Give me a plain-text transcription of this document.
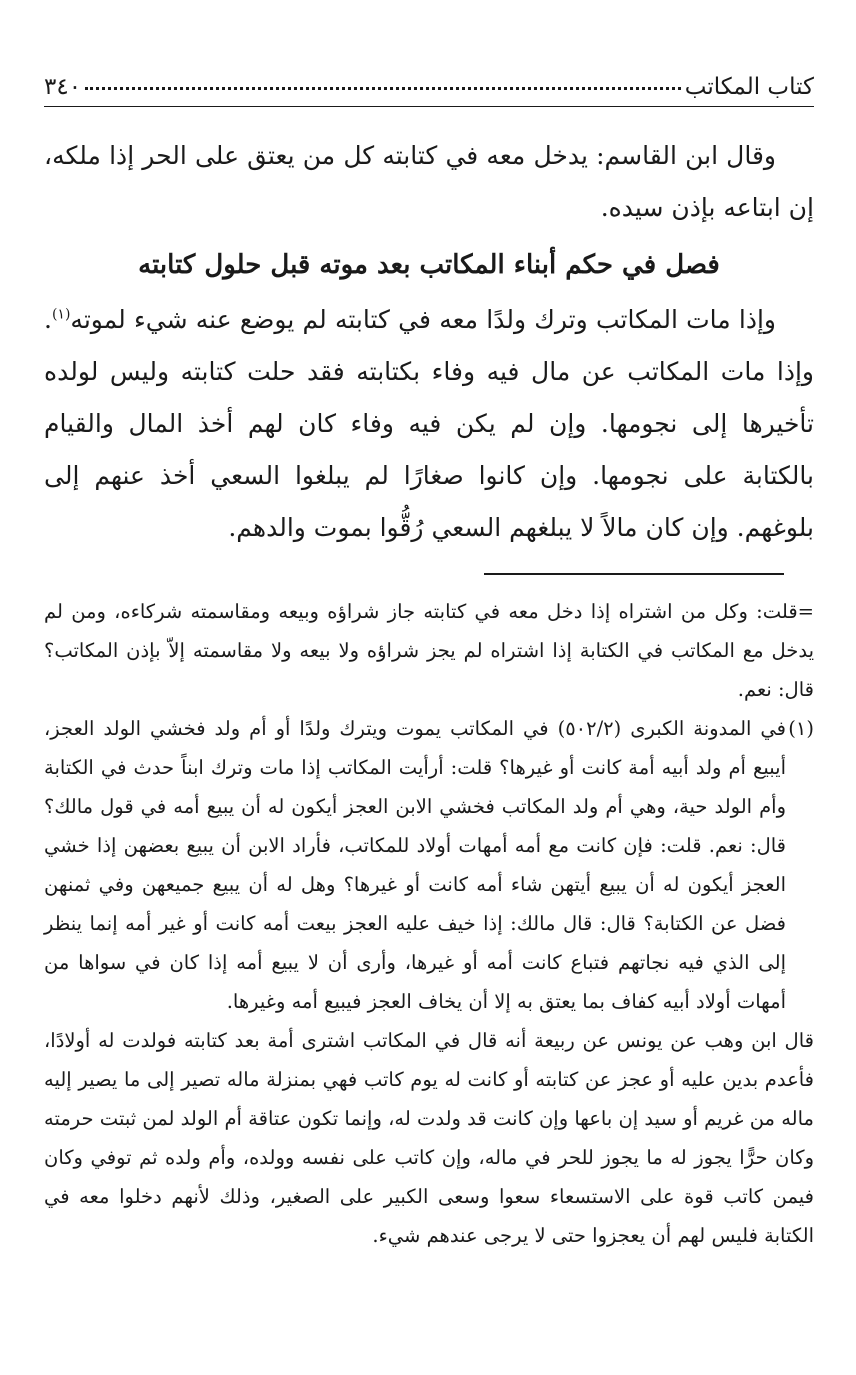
كتاب المكاتب
٣٤٠

وقال ابن القاسم: يدخل معه في كتابته كل من يعتق على الحر إذا ملكه، إن ابتاعه بإذن سيده.

فصل في حكم أبناء المكاتب بعد موته قبل حلول كتابته

وإذا مات المكاتب وترك ولدًا معه في كتابته لم يوضع عنه شيء لموته$^{(١)}$. وإذا مات المكاتب عن مال فيه وفاء بكتابته فقد حلت كتابته وليس لولده تأخيرها إلى نجومها. وإن لم يكن فيه وفاء كان لهم أخذ المال والقيام بالكتابة على نجومها. وإن كانوا صغارًا لم يبلغوا السعي أخذ عنهم إلى بلوغهم. وإن كان مالاً لا يبلغهم السعي رُقُّوا بموت والدهم.

=قلت: وكل من اشتراه إذا دخل معه في كتابته جاز شراؤه وبيعه ومقاسمته شركاءه، ومن لم يدخل مع المكاتب في الكتابة إذا اشتراه لم يجز شراؤه ولا بيعه ولا مقاسمته إلاّ بإذن المكاتب؟ قال: نعم.

(١)

في المدونة الكبرى (٥٠٢/٢) في المكاتب يموت ويترك ولدًا أو أم ولد فخشي الولد العجز، أيبيع أم ولد أبيه أمة كانت أو غيرها؟ قلت: أرأيت المكاتب إذا مات وترك ابناً حدث في الكتابة وأم الولد حية، وهي أم ولد المكاتب فخشي الابن العجز أيكون له أن يبيع أمه في قول مالك؟ قال: نعم. قلت: فإن كانت مع أمه أمهات أولاد للمكاتب، فأراد الابن أن يبيع بعضهن إذا خشي العجز أيكون له أن يبيع أيتهن شاء أمه كانت أو غيرها؟ وهل له أن يبيع جميعهن وفي ثمنهن فضل عن الكتابة؟ قال: قال مالك: إذا خيف عليه العجز بيعت أمه كانت أو غير أمه إنما ينظر إلى الذي فيه نجاتهم فتباع كانت أمه أو غيرها، وأرى أن لا يبيع أمه إذا كان في سواها من أمهات أولاد أبيه كفاف بما يعتق به إلا أن يخاف العجز فيبيع أمه وغيرها.

قال ابن وهب عن يونس عن ربيعة أنه قال في المكاتب اشترى أمة بعد كتابته فولدت له أولادًا، فأعدم بدين عليه أو عجز عن كتابته أو كانت له يوم كاتب فهي بمنزلة ماله تصير إلى ما يصير إليه ماله من غريم أو سيد إن باعها وإن كانت قد ولدت له، وإنما تكون عتاقة أم الولد لمن ثبتت حرمته وكان حرًّا يجوز له ما يجوز للحر في ماله، وإن كاتب على نفسه وولده، وأم ولده ثم توفي وكان فيمن كاتب قوة على الاستسعاء سعوا وسعى الكبير على الصغير، وذلك لأنهم دخلوا معه في الكتابة فليس لهم أن يعجزوا حتى لا يرجى عندهم شيء.
